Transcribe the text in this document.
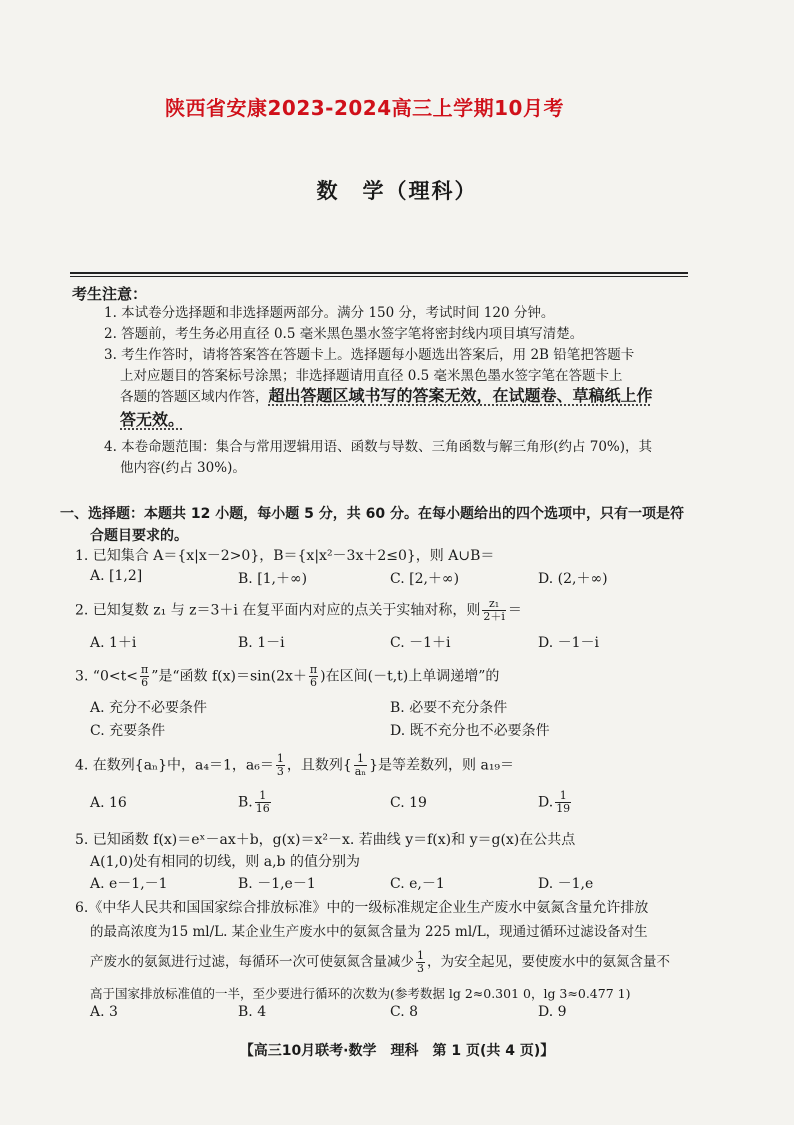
陕西省安康2023-2024高三上学期10月考
数　学（理科）
考生注意：
1. 本试卷分选择题和非选择题两部分。满分 150 分，考试时间 120 分钟。
2. 答题前，考生务必用直径 0.5 毫米黑色墨水签字笔将密封线内项目填写清楚。
3. 考生作答时，请将答案答在答题卡上。选择题每小题选出答案后，用 2B 铅笔把答题卡
上对应题目的答案标号涂黑；非选择题请用直径 0.5 毫米黑色墨水签字笔在答题卡上
各题的答题区域内作答，超出答题区域书写的答案无效，在试题卷、草稿纸上作
答无效。
4. 本卷命题范围：集合与常用逻辑用语、函数与导数、三角函数与解三角形(约占 70%)，其
他内容(约占 30%)。
一、选择题：本题共 12 小题，每小题 5 分，共 60 分。在每小题给出的四个选项中，只有一项是符
合题目要求的。
1. 已知集合 A＝{x|x－2>0}，B＝{x|x²－3x＋2≤0}，则 A∪B＝
A. [1,2]	B. [1,＋∞)	C. [2,＋∞)	D. (2,＋∞)
2. 已知复数 z₁ 与 z＝3＋i 在复平面内对应的点关于实轴对称，则 $\frac{\text{z₁}}{2+i}$ ＝
A. 1＋i	B. 1－i	C. －1＋i	D. －1－i
3. “$0<t< \frac{\pi}{6}$ ”是“函数 $f(x)=\sin(2x+ \frac{\pi}{6}$ )在区间(－t,t)上单调递增”的
A. 充分不必要条件	B. 必要不充分条件
C. 充要条件	D. 既不充分也不必要条件
4. 在数列{aₙ}中，a₄＝1，$a_6= \frac{1}{3}$ ，且数列{ $\frac{1}{\text{aₙ}}$ }是等差数列，则 a₁₉＝
A. 16	B. $\frac{1}{16}$	C. 19	D. $\frac{1}{19}$
5. 已知函数 f(x)＝eˣ－ax＋b，g(x)＝x²－x. 若曲线 y＝f(x)和 y＝g(x)在公共点
A(1,0)处有相同的切线，则 a,b 的值分别为
A. e－1,－1	B. －1,e－1	C. e,－1	D. －1,e
6.《中华人民共和国国家综合排放标准》中的一级标准规定企业生产废水中氨氮含量允许排放
的最高浓度为15 ml/L. 某企业生产废水中的氨氮含量为 225 ml/L，现通过循环过滤设备对生
产废水的氨氮进行过滤，每循环一次可使氨氮含量减少 $\frac{1}{3}$ ，为安全起见，要使废水中的氨氮含量不
高于国家排放标准值的一半，至少要进行循环的次数为(参考数据 lg 2≈0.301 0，lg 3≈0.477 1)
A. 3	B. 4	C. 8	D. 9
【高三10月联考·数学　理科　第 1 页(共 4 页)】
